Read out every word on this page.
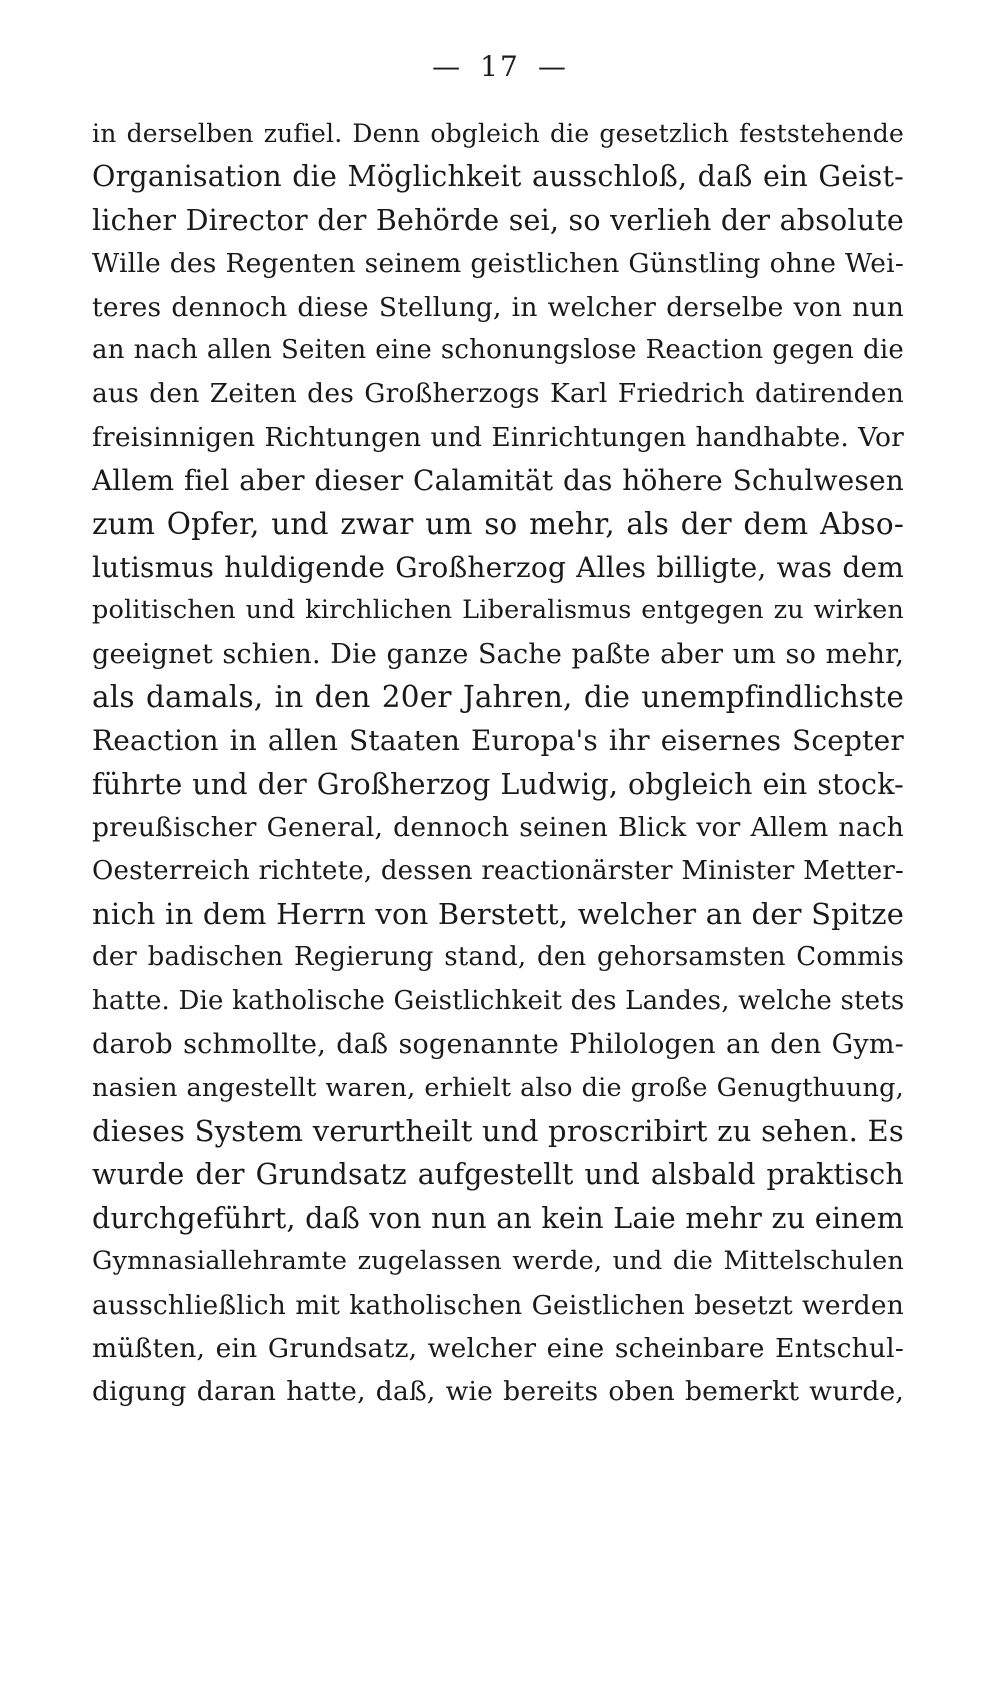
— 17 —
in derselben zufiel. Denn obgleich die gesetzlich feststehende
Organisation die Möglichkeit ausschloß, daß ein Geist-
licher Director der Behörde sei, so verlieh der absolute
Wille des Regenten seinem geistlichen Günstling ohne Wei-
teres dennoch diese Stellung, in welcher derselbe von nun
an nach allen Seiten eine schonungslose Reaction gegen die
aus den Zeiten des Großherzogs Karl Friedrich datirenden
freisinnigen Richtungen und Einrichtungen handhabte. Vor
Allem fiel aber dieser Calamität das höhere Schulwesen
zum Opfer, und zwar um so mehr, als der dem Abso-
lutismus huldigende Großherzog Alles billigte, was dem
politischen und kirchlichen Liberalismus entgegen zu wirken
geeignet schien. Die ganze Sache paßte aber um so mehr,
als damals, in den 20er Jahren, die unempfindlichste
Reaction in allen Staaten Europa's ihr eisernes Scepter
führte und der Großherzog Ludwig, obgleich ein stock-
preußischer General, dennoch seinen Blick vor Allem nach
Oesterreich richtete, dessen reactionärster Minister Metter-
nich in dem Herrn von Berstett, welcher an der Spitze
der badischen Regierung stand, den gehorsamsten Commis
hatte. Die katholische Geistlichkeit des Landes, welche stets
darob schmollte, daß sogenannte Philologen an den Gym-
nasien angestellt waren, erhielt also die große Genugthuung,
dieses System verurtheilt und proscribirt zu sehen. Es
wurde der Grundsatz aufgestellt und alsbald praktisch
durchgeführt, daß von nun an kein Laie mehr zu einem
Gymnasiallehramte zugelassen werde, und die Mittelschulen
ausschließlich mit katholischen Geistlichen besetzt werden
müßten, ein Grundsatz, welcher eine scheinbare Entschul-
digung daran hatte, daß, wie bereits oben bemerkt wurde,
